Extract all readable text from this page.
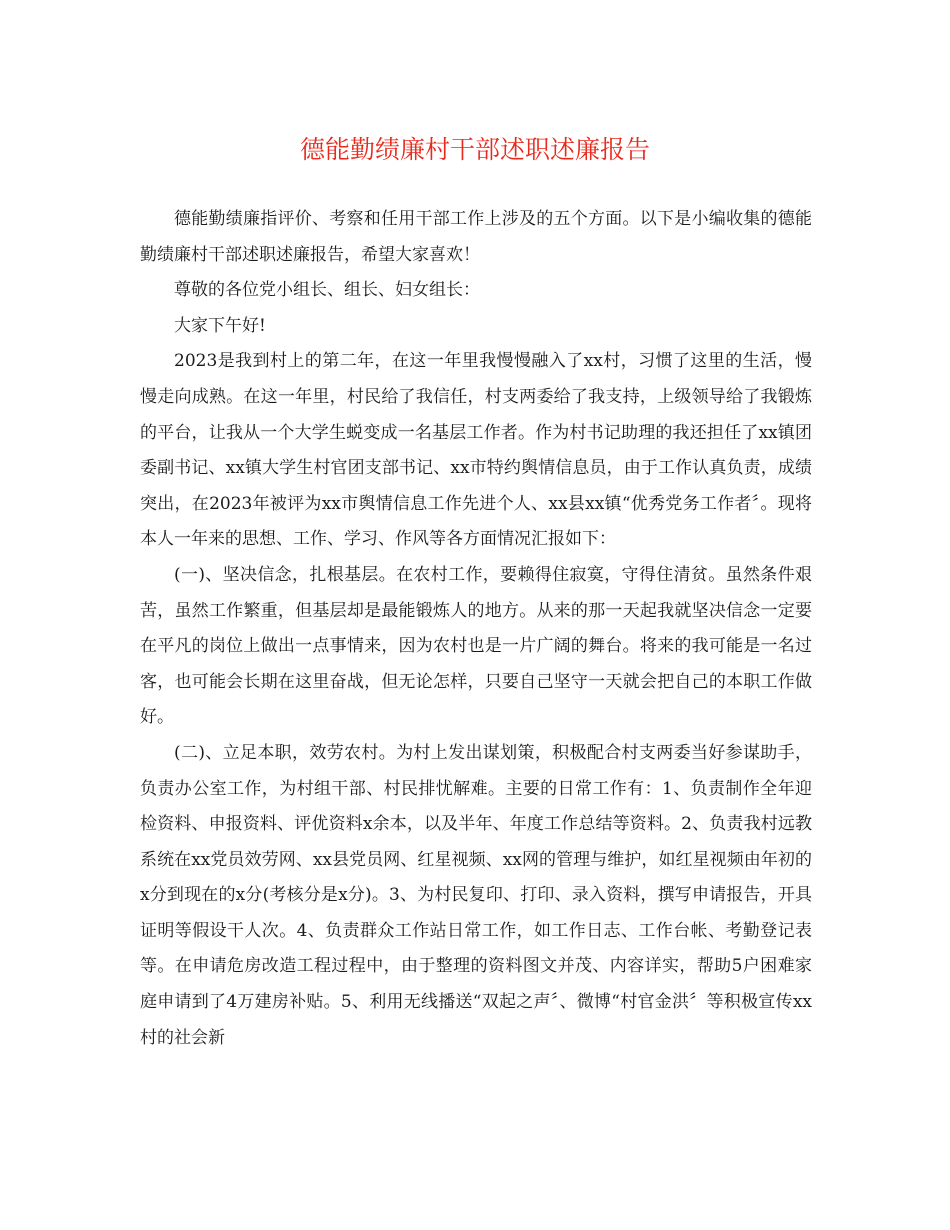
德能勤绩廉村干部述职述廉报告

德能勤绩廉指评价、考察和任用干部工作上涉及的五个方面。以下是小编收集的德能勤绩廉村干部述职述廉报告，希望大家喜欢！

尊敬的各位党小组长、组长、妇女组长：

大家下午好!

2023是我到村上的第二年，在这一年里我慢慢融入了xx村，习惯了这里的生活，慢慢走向成熟。在这一年里，村民给了我信任，村支两委给了我支持，上级领导给了我锻炼的平台，让我从一个大学生蜕变成一名基层工作者。作为村书记助理的我还担任了xx镇团委副书记、xx镇大学生村官团支部书记、xx市特约舆情信息员，由于工作认真负责，成绩突出，在2023年被评为xx市舆情信息工作先进个人、xx县xx镇“优秀党务工作者〞。现将本人一年来的思想、工作、学习、作风等各方面情况汇报如下：

(一)、坚决信念，扎根基层。在农村工作，要赖得住寂寞，守得住清贫。虽然条件艰苦，虽然工作繁重，但基层却是最能锻炼人的地方。从来的那一天起我就坚决信念一定要在平凡的岗位上做出一点事情来，因为农村也是一片广阔的舞台。将来的我可能是一名过客，也可能会长期在这里奋战，但无论怎样，只要自己坚守一天就会把自己的本职工作做好。

(二)、立足本职，效劳农村。为村上发出谋划策，积极配合村支两委当好参谋助手，负责办公室工作，为村组干部、村民排忧解难。主要的日常工作有：1、负责制作全年迎检资料、申报资料、评优资料x余本，以及半年、年度工作总结等资料。2、负责我村远教系统在xx党员效劳网、xx县党员网、红星视频、xx网的管理与维护，如红星视频由年初的x分到现在的x分(考核分是x分)。3、为村民复印、打印、录入资料，撰写申请报告，开具证明等假设干人次。4、负责群众工作站日常工作，如工作日志、工作台帐、考勤登记表等。在申请危房改造工程过程中，由于整理的资料图文并茂、内容详实，帮助5户困难家庭申请到了4万建房补贴。5、利用无线播送“双起之声〞、微博“村官金洪〞等积极宣传xx村的社会新
